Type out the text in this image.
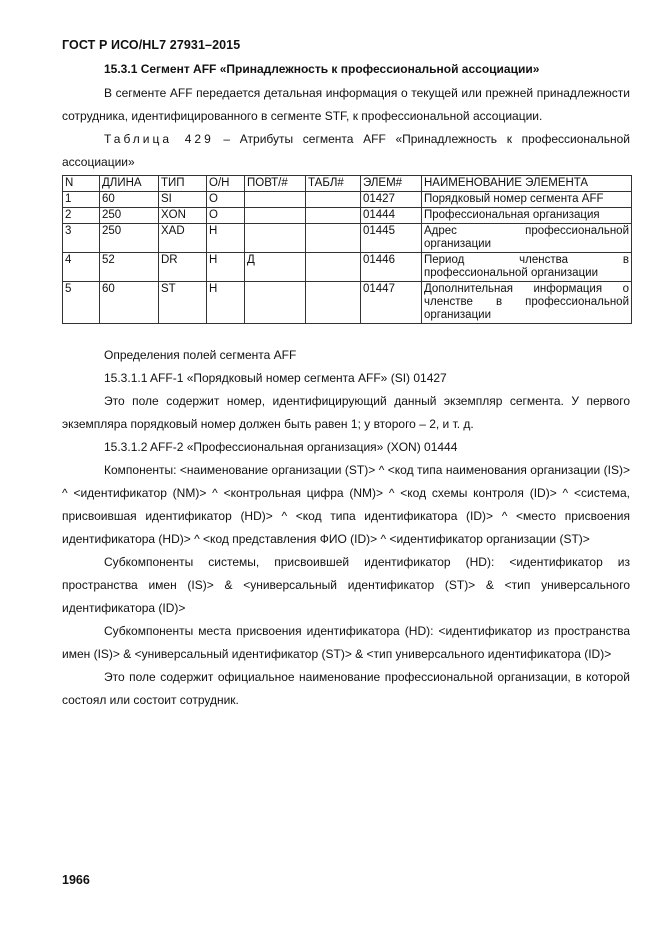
ГОСТ Р ИСО/HL7 27931–2015

15.3.1 Сегмент AFF «Принадлежность к профессиональной ассоциации»

В сегменте AFF передается детальная информация о текущей или прежней принадлежности сотрудника, идентифицированного в сегменте STF, к профессиональной ассоциации.

Таблица 429 – Атрибуты сегмента AFF «Принадлежность к профессиональной ассоциации»

N	ДЛИНА	ТИП	О/Н	ПОВТ/#	ТАБЛ#	ЭЛЕМ#	НАИМЕНОВАНИЕ ЭЛЕМЕНТА
1	60	SI	О			01427	Порядковый номер сегмента AFF
2	250	XON	О			01444	Профессиональная организация
3	250	XAD	Н			01445	Адрес профессиональной организации
4	52	DR	Н	Д		01446	Период членства в профессиональной организации
5	60	ST	Н			01447	Дополнительная информация о членстве в профессиональной организации

Определения полей сегмента AFF

15.3.1.1 AFF-1 «Порядковый номер сегмента AFF» (SI) 01427

Это поле содержит номер, идентифицирующий данный экземпляр сегмента. У первого экземпляра порядковый номер должен быть равен 1; у второго – 2, и т. д.

15.3.1.2 AFF-2 «Профессиональная организация» (XON) 01444

Компоненты: <наименование организации (ST)> ^ <код типа наименования организации (IS)> ^ <идентификатор (NM)> ^ <контрольная цифра (NM)> ^ <код схемы контроля (ID)> ^ <система, присвоившая идентификатор (HD)> ^ <код типа идентификатора (ID)> ^ <место присвоения идентификатора (HD)> ^ <код представления ФИО (ID)> ^ <идентификатор организации (ST)>

Субкомпоненты системы, присвоившей идентификатор (HD): <идентификатор из пространства имен (IS)> & <универсальный идентификатор (ST)> & <тип универсального идентификатора (ID)>

Субкомпоненты места присвоения идентификатора (HD): <идентификатор из пространства имен (IS)> & <универсальный идентификатор (ST)> & <тип универсального идентификатора (ID)>

Это поле содержит официальное наименование профессиональной организации, в которой состоял или состоит сотрудник.

1966
